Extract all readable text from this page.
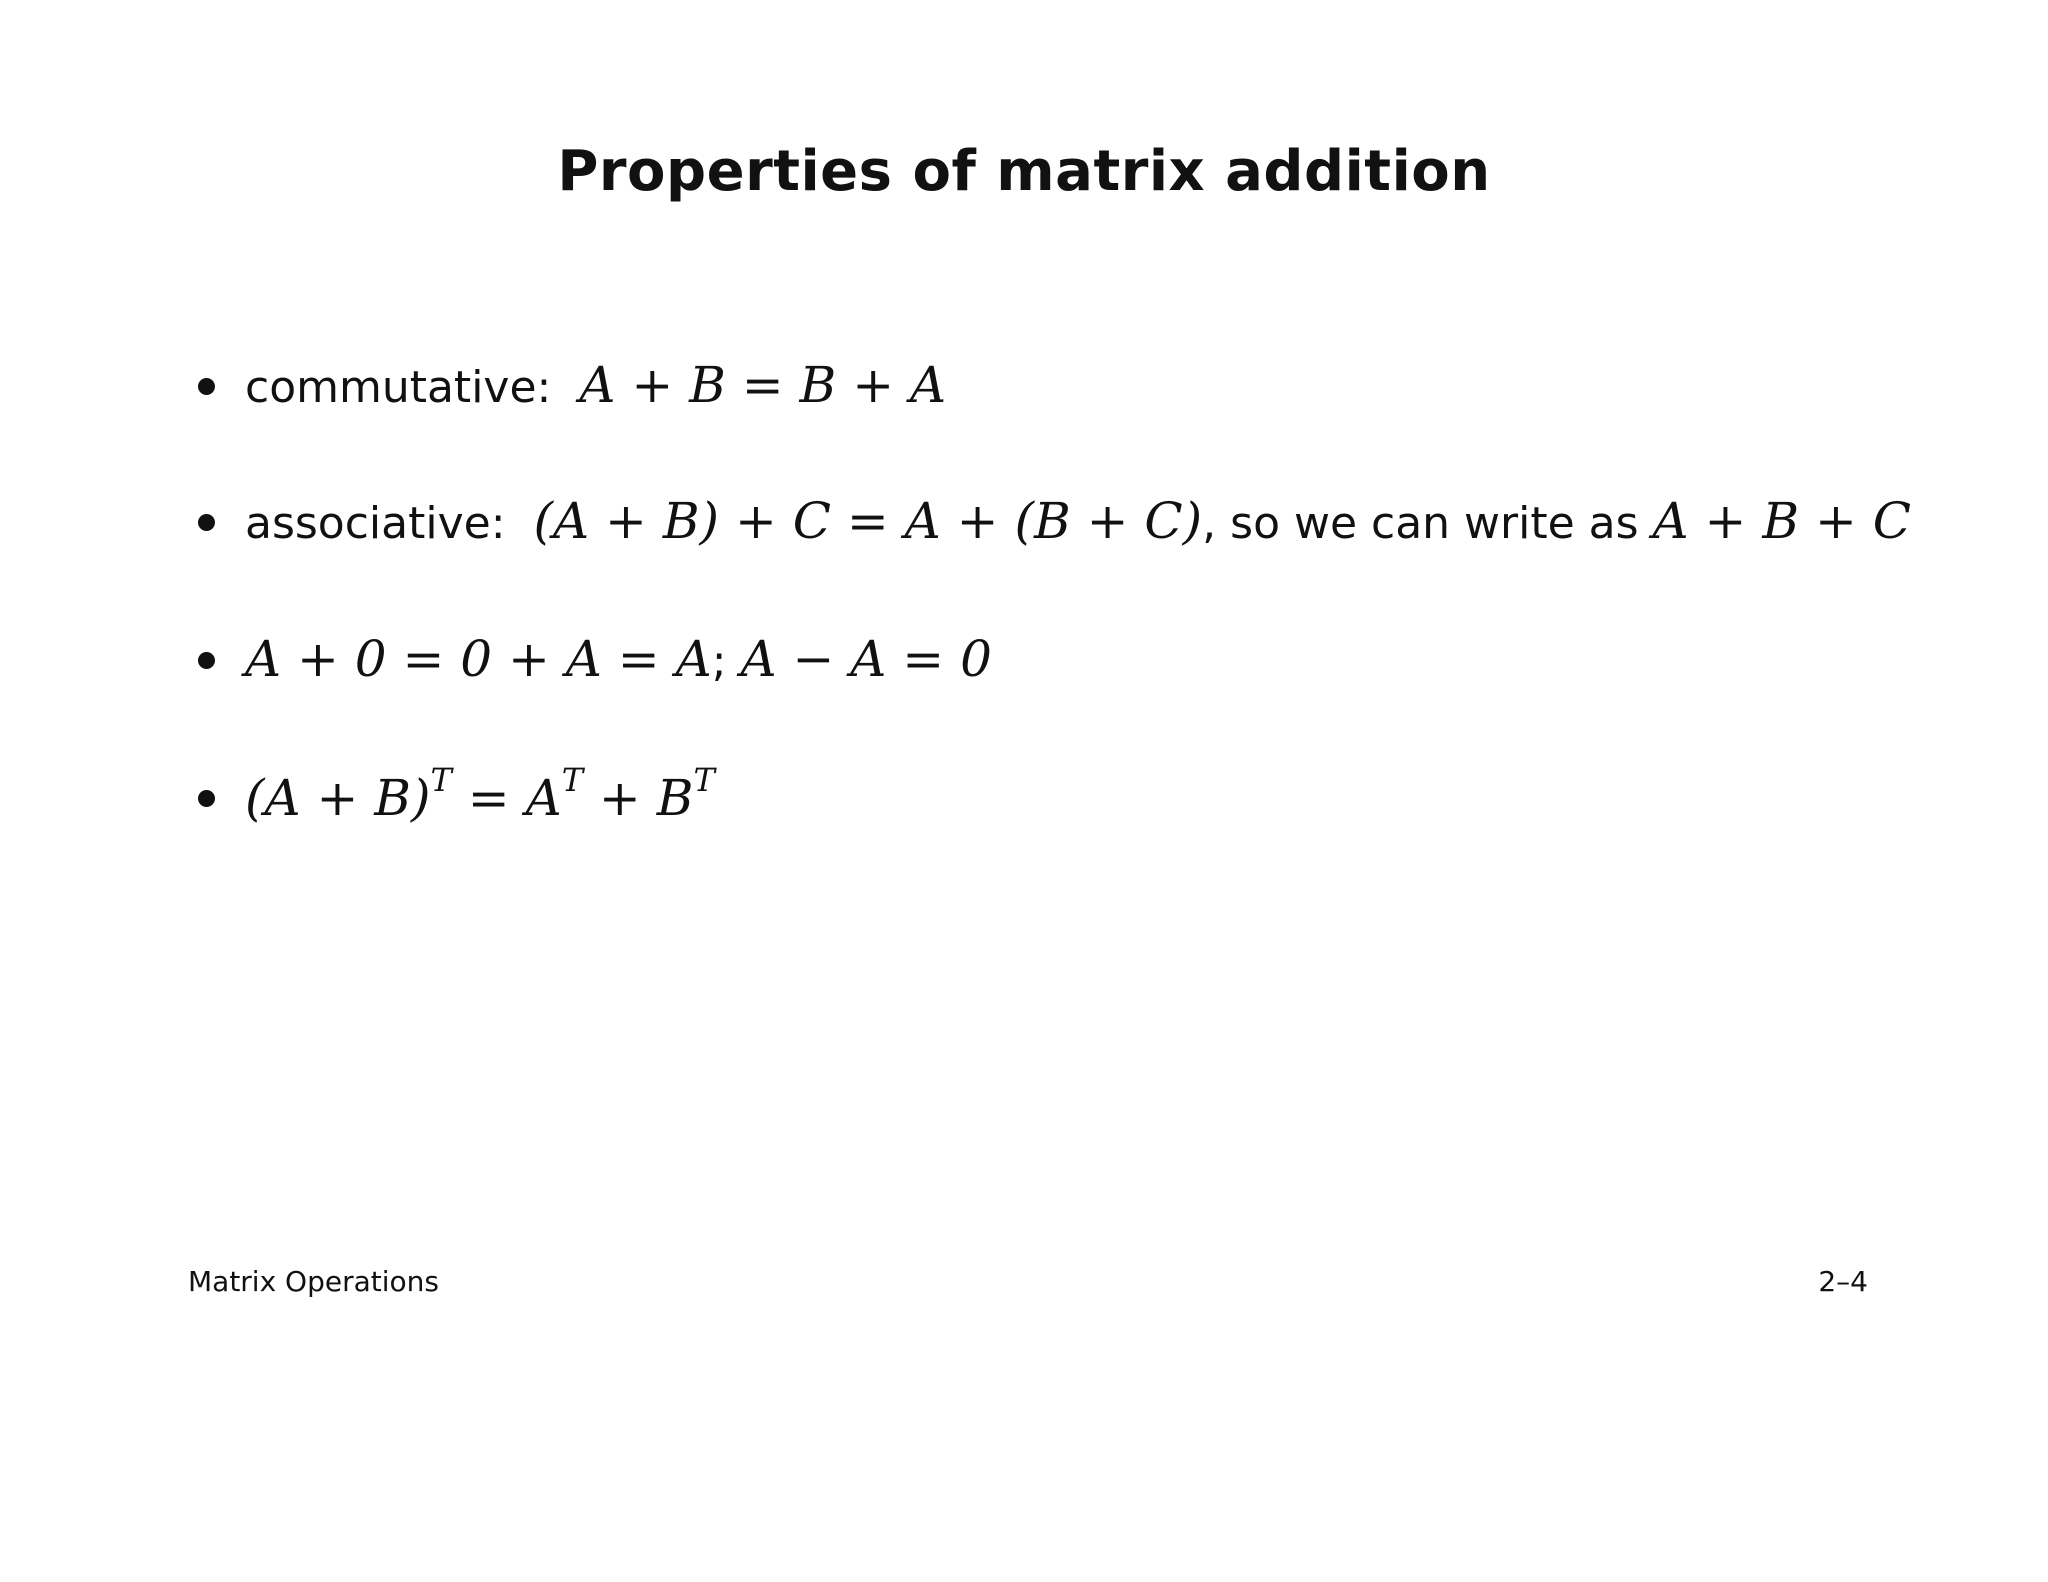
Properties of matrix addition
commutative: A + B = B + A
associative: (A + B) + C = A + (B + C), so we can write as A + B + C
A + 0 = 0 + A = A; A − A = 0
$(A + B)^T = A^T + B^T$
Matrix Operations	2–4
